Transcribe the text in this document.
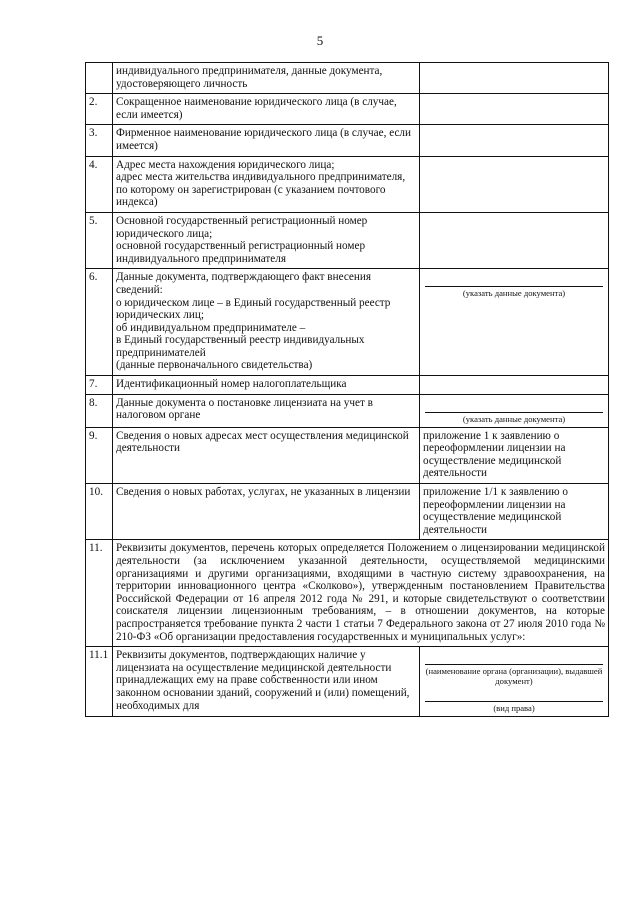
5
	индивидуального предпринимателя, данные документа, удостоверяющего личность	
2.	Сокращенное наименование юридического лица (в случае, если имеется)	
3.	Фирменное наименование юридического лица (в случае, если имеется)	
4.	Адрес места нахождения юридического лица;
адрес места жительства индивидуального предпринимателя, по которому он зарегистрирован (с указанием почтового индекса)	

5.	Основной государственный регистрационный номер юридического лица;
основной государственный регистрационный номер индивидуального предпринимателя	

6.	Данные документа, подтверждающего факт внесения сведений:
о юридическом лице – в Единый государственный реестр юридических лиц;
об индивидуальном предпринимателе –
в Единый государственный реестр индивидуальных предпринимателей
(данные первоначального свидетельства)	(указать данные документа)

7.	Идентификационный номер налогоплательщика	
8.	Данные документа о постановке лицензиата на учет в налоговом органе	(указать данные документа)

9.	Сведения о новых адресах мест осуществления медицинской деятельности	приложение 1 к заявлению о переоформлении лицензии на осуществление медицинской деятельности
10.	Сведения о новых работах, услугах, не указанных в лицензии	приложение 1/1 к заявлению о переоформлении лицензии на осуществление медицинской деятельности
11.	Реквизиты документов, перечень которых определяется Положением о лицензировании медицинской деятельности (за исключением указанной деятельности, осуществляемой медицинскими организациями и другими организациями, входящими в частную систему здравоохранения, на территории инновационного центра «Сколково»), утвержденным постановлением Правительства Российской Федерации от 16 апреля 2012 года № 291, и которые свидетельствуют о соответствии соискателя лицензии лицензионным требованиям, – в отношении документов, на которые распространяется требование пункта 2 части 1 статьи 7 Федерального закона от 27 июля 2010 года № 210-ФЗ «Об организации предоставления государственных и муниципальных услуг»:	
11.1	Реквизиты документов, подтверждающих наличие у лицензиата на осуществление медицинской деятельности принадлежащих ему на праве собственности или ином законном основании зданий, сооружений и (или) помещений, необходимых для	(наименование органа (организации), выдавшей документ)
(вид права)
